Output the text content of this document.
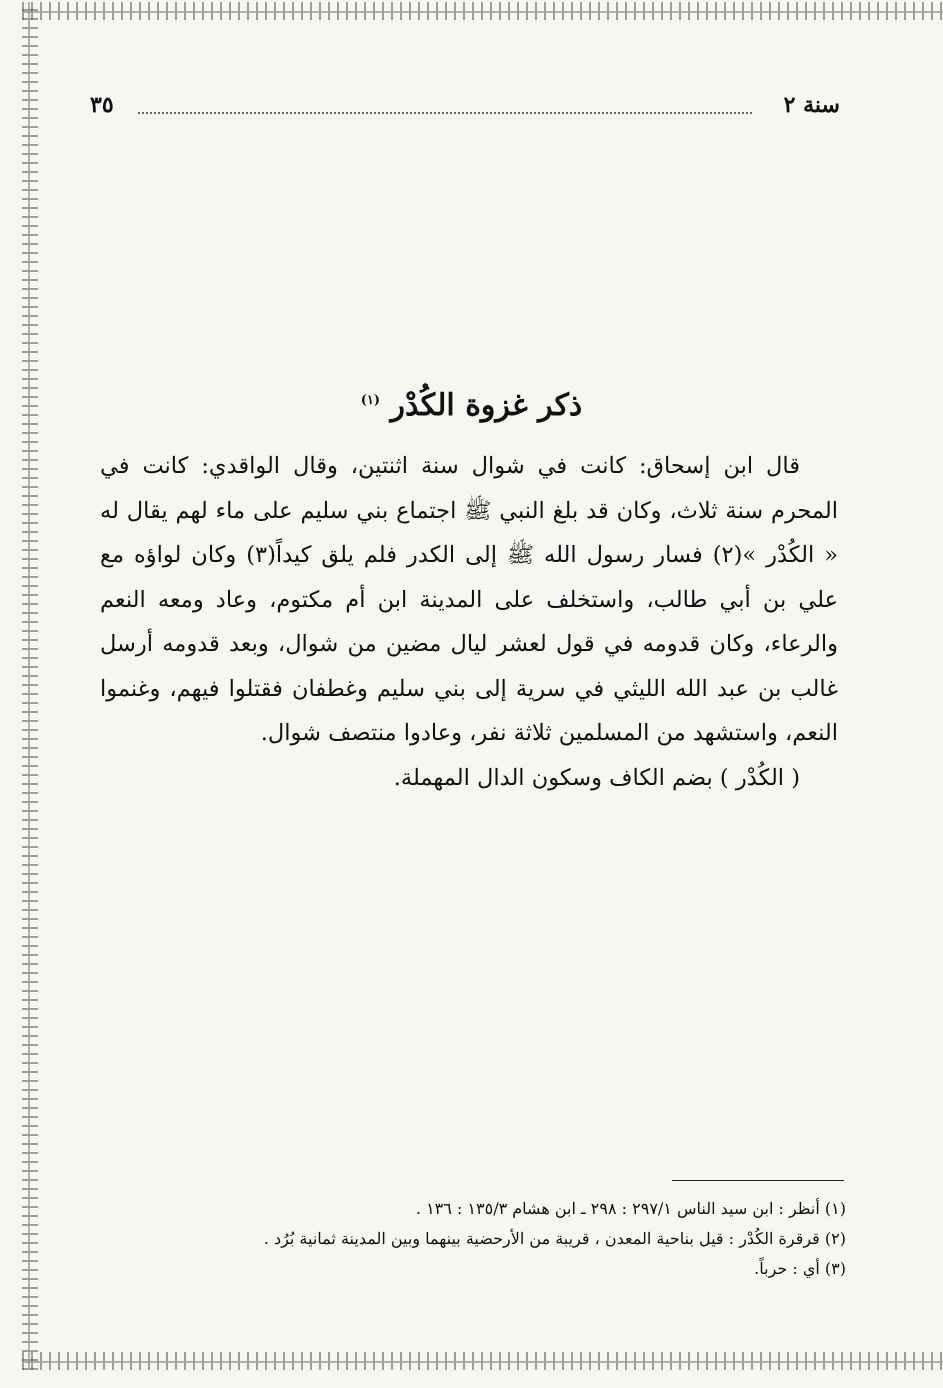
سنة ٢
٣٥
ذكر غزوة الكُدْر $^{(١)}$

قال ابن إسحاق: كانت في شوال سنة اثنتين، وقال الواقدي: كانت في المحرم سنة ثلاث، وكان قد بلغ النبي ﷺ اجتماع بني سليم على ماء لهم يقال له « الكُدْر »(٢) فسار رسول الله ﷺ إلى الكدر فلم يلق كيداً(٣) وكان لواؤه مع علي بن أبي طالب، واستخلف على المدينة ابن أم مكتوم، وعاد ومعه النعم والرعاء، وكان قدومه في قول لعشر ليال مضين من شوال، وبعد قدومه أرسل غالب بن عبد الله الليثي في سرية إلى بني سليم وغطفان فقتلوا فيهم، وغنموا النعم، واستشهد من المسلمين ثلاثة نفر، وعادوا منتصف شوال.

( الكُدْر ) بضم الكاف وسكون الدال المهملة.
(١) أنظر : ابن سيد الناس ٢٩٧/١ : ٢٩٨ ـ ابن هشام ١٣٥/٣ : ١٣٦ .
(٢) قرقرة الكُدْر : قيل بناحية المعدن ، قريبة من الأرحضية بينهما وبين المدينة ثمانية بُرُد .
(٣) أي : حرباً.
